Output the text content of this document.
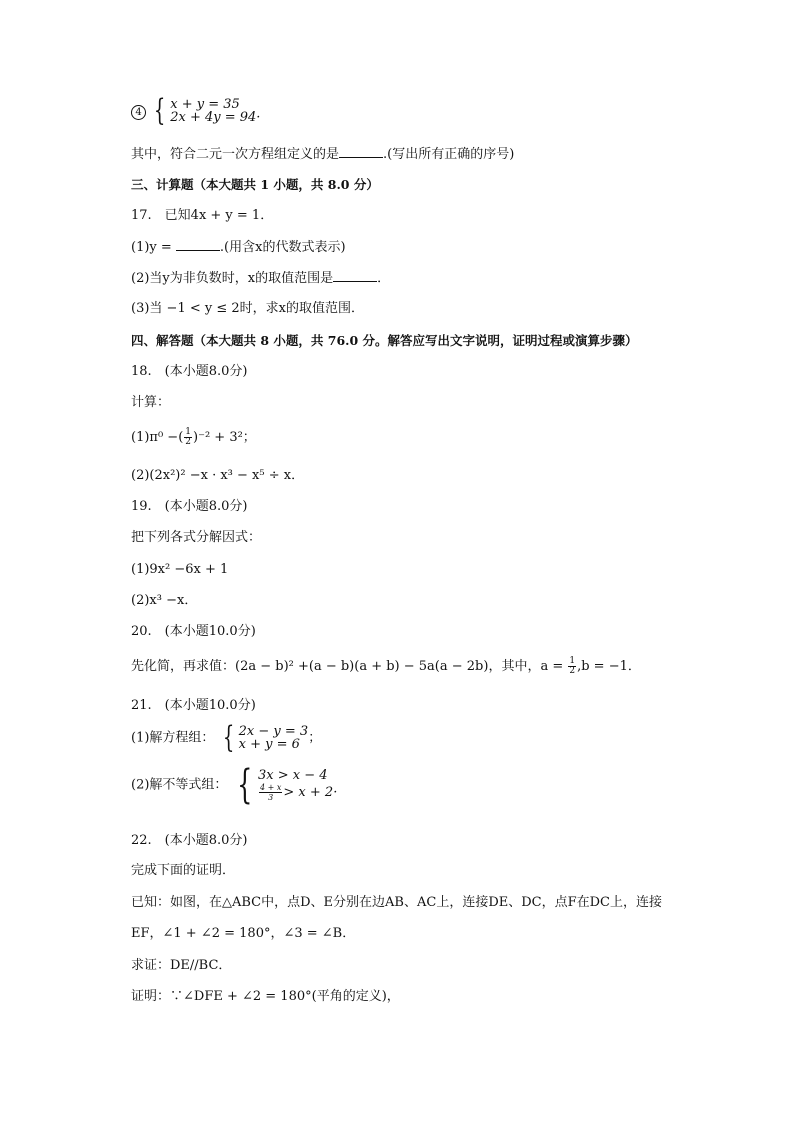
4 { x + y = 35
2x + 4y = 94·
其中，符合二元一次方程组定义的是	.(写出所有正确的序号)
三、计算题（本大题共 1 小题，共 8.0 分）
17.　已知4x + y = 1．
(1)y =	.(用含x的代数式表示)
(2)当y为非负数时，x的取值范围是	．
(3)当 −1 < y ≤ 2时，求x的取值范围．
四、解答题（本大题共 8 小题，共 76.0 分。解答应写出文字说明，证明过程或演算步骤）
18.　(本小题8.0分)
计算：
(1)π⁰ −( $\frac{1}{2} )^{-2} + 3^2$；
(2)(2x²)² −x · x³ − x⁵ ÷ x．
19.　(本小题8.0分)
把下列各式分解因式：
(1)9x² −6x + 1
(2)x³ −x．
20.　(本小题10.0分)
先化简，再求值：(2a − b)² +(a − b)(a + b) − 5a(a − 2b)，其中，$a = \frac{1}{2} ,b = -1$．
21.　(本小题10.0分)
(1)解方程组： { 2x − y = 3
x + y = 6 ；
(2)解不等式组： { 3x > x − 4
$\frac{4 + x}{3} > x + 2\cdot$
22.　(本小题8.0分)
完成下面的证明．
已知：如图，在△ABC中，点D、E分别在边AB、AC上，连接DE、DC，点F在DC上，连接
EF，∠1 + ∠2 = 180°，∠3 = ∠B．
求证：DE//BC．
证明：∵∠DFE + ∠2 = 180°(平角的定义)，
